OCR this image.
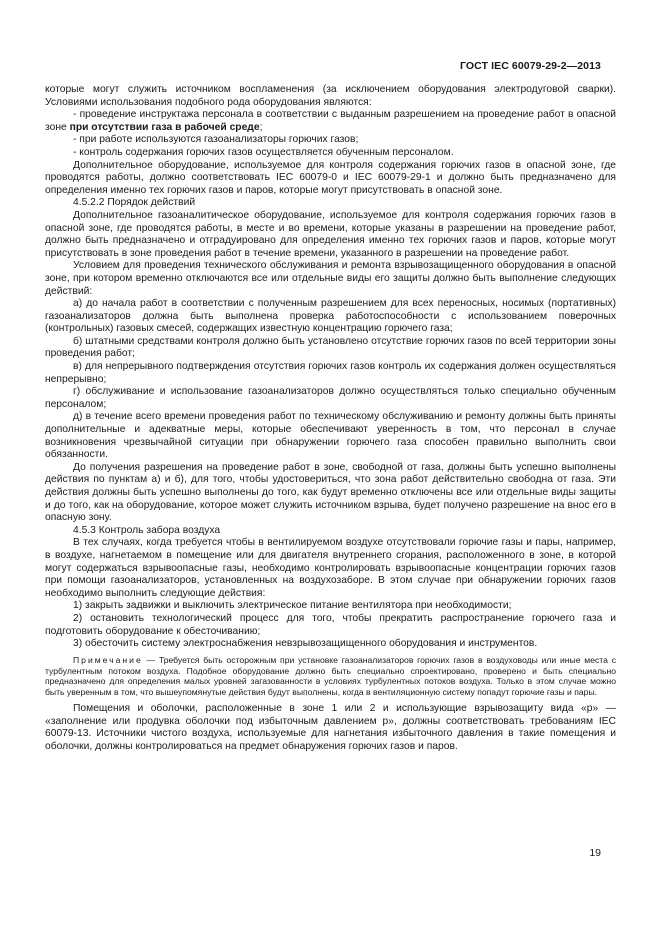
ГОСТ IEC 60079-29-2—2013

которые могут служить источником воспламенения (за исключением оборудования электродуговой сварки). Условиями использования подобного рода оборудования являются:

- проведение инструктажа персонала в соответствии с выданным разрешением на проведение работ в опасной зоне при отсутствии газа в рабочей среде;

- при работе используются газоанализаторы горючих газов;

- контроль содержания горючих газов осуществляется обученным персоналом.

Дополнительное оборудование, используемое для контроля содержания горючих газов в опасной зоне, где проводятся работы, должно соответствовать IEC 60079-0 и IEC 60079-29-1 и должно быть предназначено для определения именно тех горючих газов и паров, которые могут присутствовать в опасной зоне.

4.5.2.2 Порядок действий

Дополнительное газоаналитическое оборудование, используемое для контроля содержания горючих газов в опасной зоне, где проводятся работы, в месте и во времени, которые указаны в разрешении на проведение работ, должно быть предназначено и отградуировано для определения именно тех горючих газов и паров, которые могут присутствовать в зоне проведения работ в течение времени, указанного в разрешении на проведение работ.

Условием для проведения технического обслуживания и ремонта взрывозащищенного оборудования в опасной зоне, при котором временно отключаются все или отдельные виды его защиты должно быть выполнение следующих действий:

а) до начала работ в соответствии с полученным разрешением для всех переносных, носимых (портативных) газоанализаторов должна быть выполнена проверка работоспособности с использованием поверочных (контрольных) газовых смесей, содержащих известную концентрацию горючего газа;

б) штатными средствами контроля должно быть установлено отсутствие горючих газов по всей территории зоны проведения работ;

в) для непрерывного подтверждения отсутствия горючих газов контроль их содержания должен осуществляться непрерывно;

г) обслуживание и использование газоанализаторов должно осуществляться только специально обученным персоналом;

д) в течение всего времени проведения работ по техническому обслуживанию и ремонту должны быть приняты дополнительные и адекватные меры, которые обеспечивают уверенность в том, что персонал в случае возникновения чрезвычайной ситуации при обнаружении горючего газа способен правильно выполнить свои обязанности.

До получения разрешения на проведение работ в зоне, свободной от газа, должны быть успешно выполнены действия по пунктам а) и б), для того, чтобы удостовериться, что зона работ действительно свободна от газа. Эти действия должны быть успешно выполнены до того, как будут временно отключены все или отдельные виды защиты и до того, как на оборудование, которое может служить источником взрыва, будет получено разрешение на внос его в опасную зону.

4.5.3 Контроль забора воздуха

В тех случаях, когда требуется чтобы в вентилируемом воздухе отсутствовали горючие газы и пары, например, в воздухе, нагнетаемом в помещение или для двигателя внутреннего сгорания, расположенного в зоне, в которой могут содержаться взрывоопасные газы, необходимо контролировать взрывоопасные концентрации горючих газов при помощи газоанализаторов, установленных на воздухозаборе. В этом случае при обнаружении горючих газов необходимо выполнить следующие действия:

1) закрыть задвижки и выключить электрическое питание вентилятора при необходимости;

2) остановить технологический процесс для того, чтобы прекратить распространение горючего газа и подготовить оборудование к обесточиванию;

3) обесточить систему электроснабжения невзрывозащищенного оборудования и инструментов.

Примечание — Требуется быть осторожным при установке газоанализаторов горючих газов в воздуховоды или иные места с турбулентным потоком воздуха. Подобное оборудование должно быть специально спроектировано, проверено и быть специально предназначено для определения малых уровней загазованности в условиях турбулентных потоков воздуха. Только в этом случае можно быть уверенным в том, что вышеупомянутые действия будут выполнены, когда в вентиляционную систему попадут горючие газы и пары.

Помещения и оболочки, расположенные в зоне 1 или 2 и использующие взрывозащиту вида «p» — «заполнение или продувка оболочки под избыточным давлением p», должны соответствовать требованиям IEC 60079-13. Источники чистого воздуха, используемые для нагнетания избыточного давления в такие помещения и оболочки, должны контролироваться на предмет обнаружения горючих газов и паров.

19
